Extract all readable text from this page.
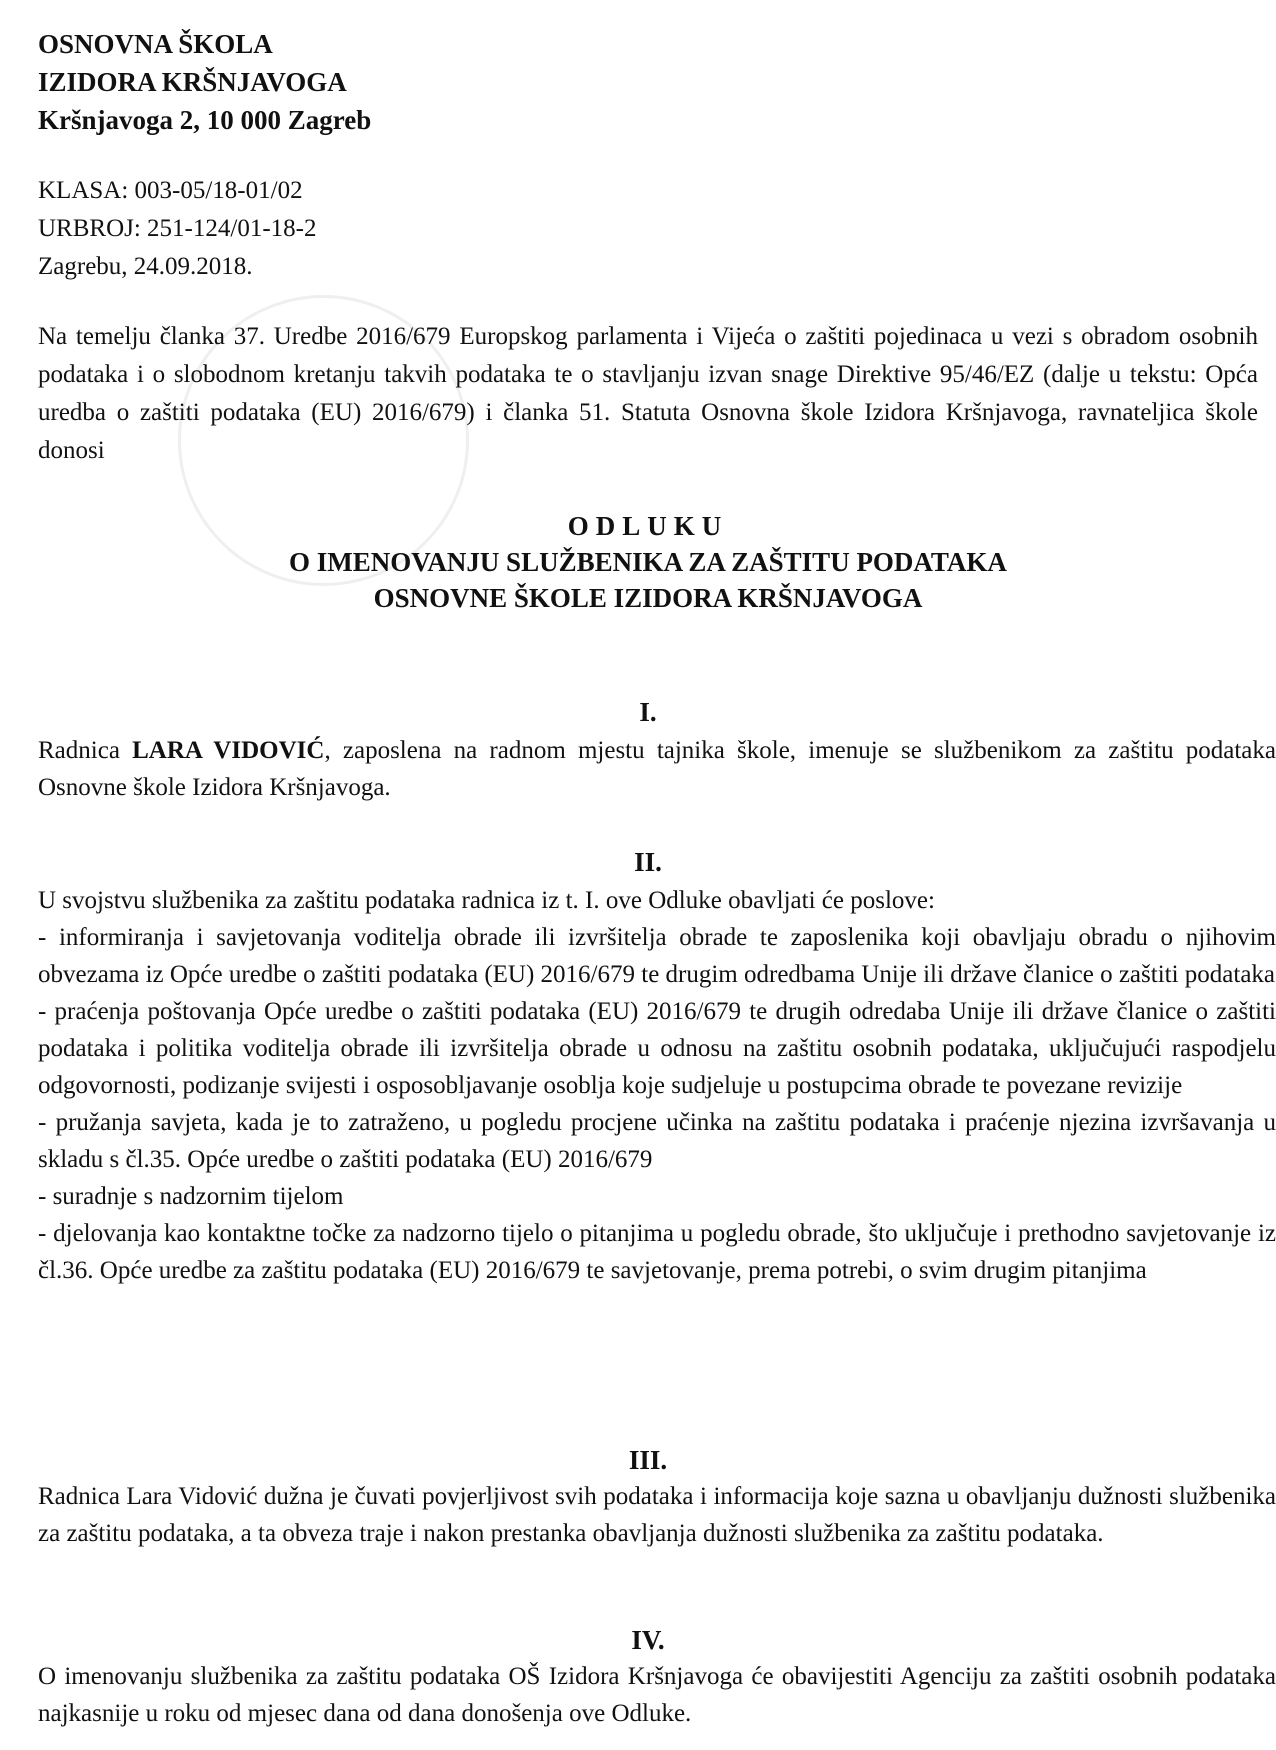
OSNOVNA ŠKOLA
IZIDORA KRŠNJAVOGA
Kršnjavoga 2, 10 000 Zagreb
KLASA: 003-05/18-01/02
URBROJ: 251-124/01-18-2
Zagrebu, 24.09.2018.
Na temelju članka 37. Uredbe 2016/679 Europskog parlamenta i Vijeća o zaštiti pojedinaca u vezi s obradom osobnih podataka i o slobodnom kretanju takvih podataka te o stavljanju izvan snage Direktive 95/46/EZ (dalje u tekstu: Opća uredba o zaštiti podataka (EU) 2016/679) i članka 51. Statuta Osnovna škole Izidora Kršnjavoga, ravnateljica škole donosi
ODLUKU
O IMENOVANJU SLUŽBENIKA ZA ZAŠTITU PODATAKA
OSNOVNE ŠKOLE IZIDORA KRŠNJAVOGA
I.
Radnica LARA VIDOVIĆ, zaposlena na radnom mjestu tajnika škole, imenuje se službenikom za zaštitu podataka Osnovne škole Izidora Kršnjavoga.
II.
U svojstvu službenika za zaštitu podataka radnica iz t. I. ove Odluke obavljati će poslove:
- informiranja i savjetovanja voditelja obrade ili izvršitelja obrade te zaposlenika koji obavljaju obradu o njihovim obvezama iz Opće uredbe o zaštiti podataka (EU) 2016/679 te drugim odredbama Unije ili države članice o zaštiti podataka
- praćenja poštovanja Opće uredbe o zaštiti podataka (EU) 2016/679 te drugih odredaba Unije ili države članice o zaštiti podataka i politika voditelja obrade ili izvršitelja obrade u odnosu na zaštitu osobnih podataka, uključujući raspodjelu odgovornosti, podizanje svijesti i osposobljavanje osoblja koje sudjeluje u postupcima obrade te povezane revizije
- pružanja savjeta, kada je to zatraženo, u pogledu procjene učinka na zaštitu podataka i praćenje njezina izvršavanja u skladu s čl.35. Opće uredbe o zaštiti podataka (EU) 2016/679
- suradnje s nadzornim tijelom
- djelovanja kao kontaktne točke za nadzorno tijelo o pitanjima u pogledu obrade, što uključuje i prethodno savjetovanje iz čl.36. Opće uredbe za zaštitu podataka (EU) 2016/679 te savjetovanje, prema potrebi, o svim drugim pitanjima
III.
Radnica Lara Vidović dužna je čuvati povjerljivost svih podataka i informacija koje sazna u obavljanju dužnosti službenika za zaštitu podataka, a ta obveza traje i nakon prestanka obavljanja dužnosti službenika za zaštitu podataka.
IV.
O imenovanju službenika za zaštitu podataka OŠ Izidora Kršnjavoga će obavijestiti Agenciju za zaštiti osobnih podataka najkasnije u roku od mjesec dana od dana donošenja ove Odluke.
